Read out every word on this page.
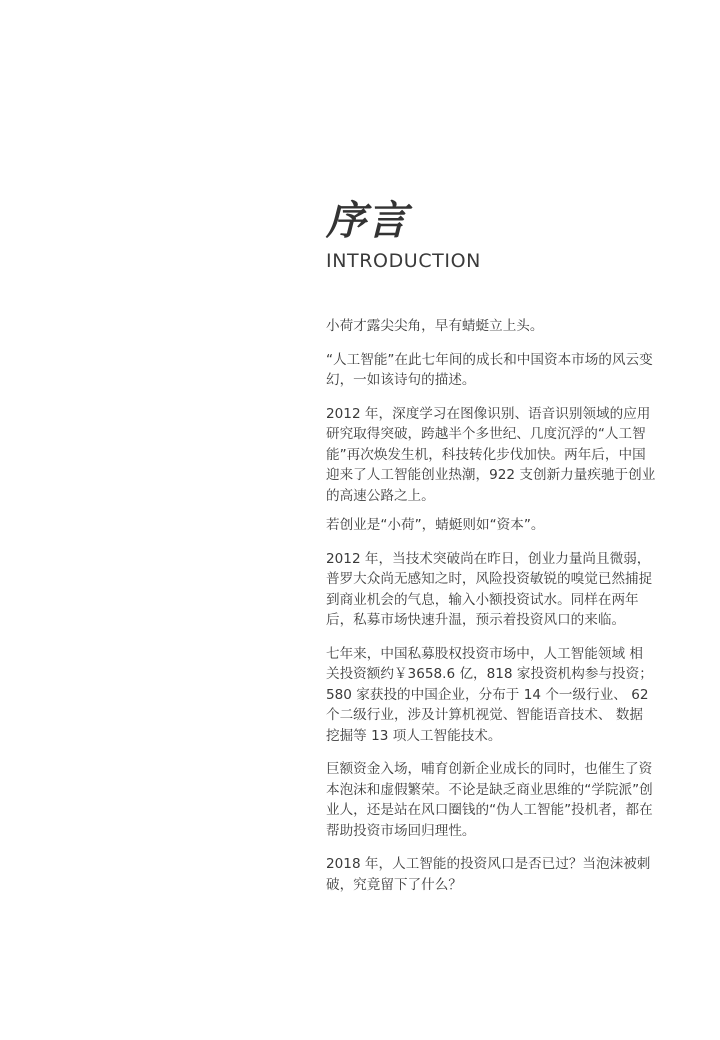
序言
INTRODUCTION

小荷才露尖尖角，早有蜻蜓立上头。

“人工智能”在此七年间的成长和中国资本市场的风云变幻，一如该诗句的描述。

2012 年，深度学习在图像识别、语音识别领域的应用研究取得突破，跨越半个多世纪、几度沉浮的“人工智能”再次焕发生机，科技转化步伐加快。两年后，中国迎来了人工智能创业热潮，922 支创新力量疾驰于创业的高速公路之上。

若创业是“小荷”，蜻蜓则如“资本”。

2012 年，当技术突破尚在昨日，创业力量尚且微弱，普罗大众尚无感知之时，风险投资敏锐的嗅觉已然捕捉到商业机会的气息，输入小额投资试水。同样在两年后，私募市场快速升温，预示着投资风口的来临。

七年来，中国私募股权投资市场中，人工智能领域 相关投资额约￥3658.6 亿，818 家投资机构参与投资；580 家获投的中国企业，分布于 14 个一级行业、 62 个二级行业，涉及计算机视觉、智能语音技术、 数据挖掘等 13 项人工智能技术。

巨额资金入场，哺育创新企业成长的同时，也催生了资本泡沫和虚假繁荣。不论是缺乏商业思维的“学院派”创业人，还是站在风口圈钱的“伪人工智能”投机者，都在帮助投资市场回归理性。

2018 年，人工智能的投资风口是否已过？当泡沫被刺破，究竟留下了什么？
